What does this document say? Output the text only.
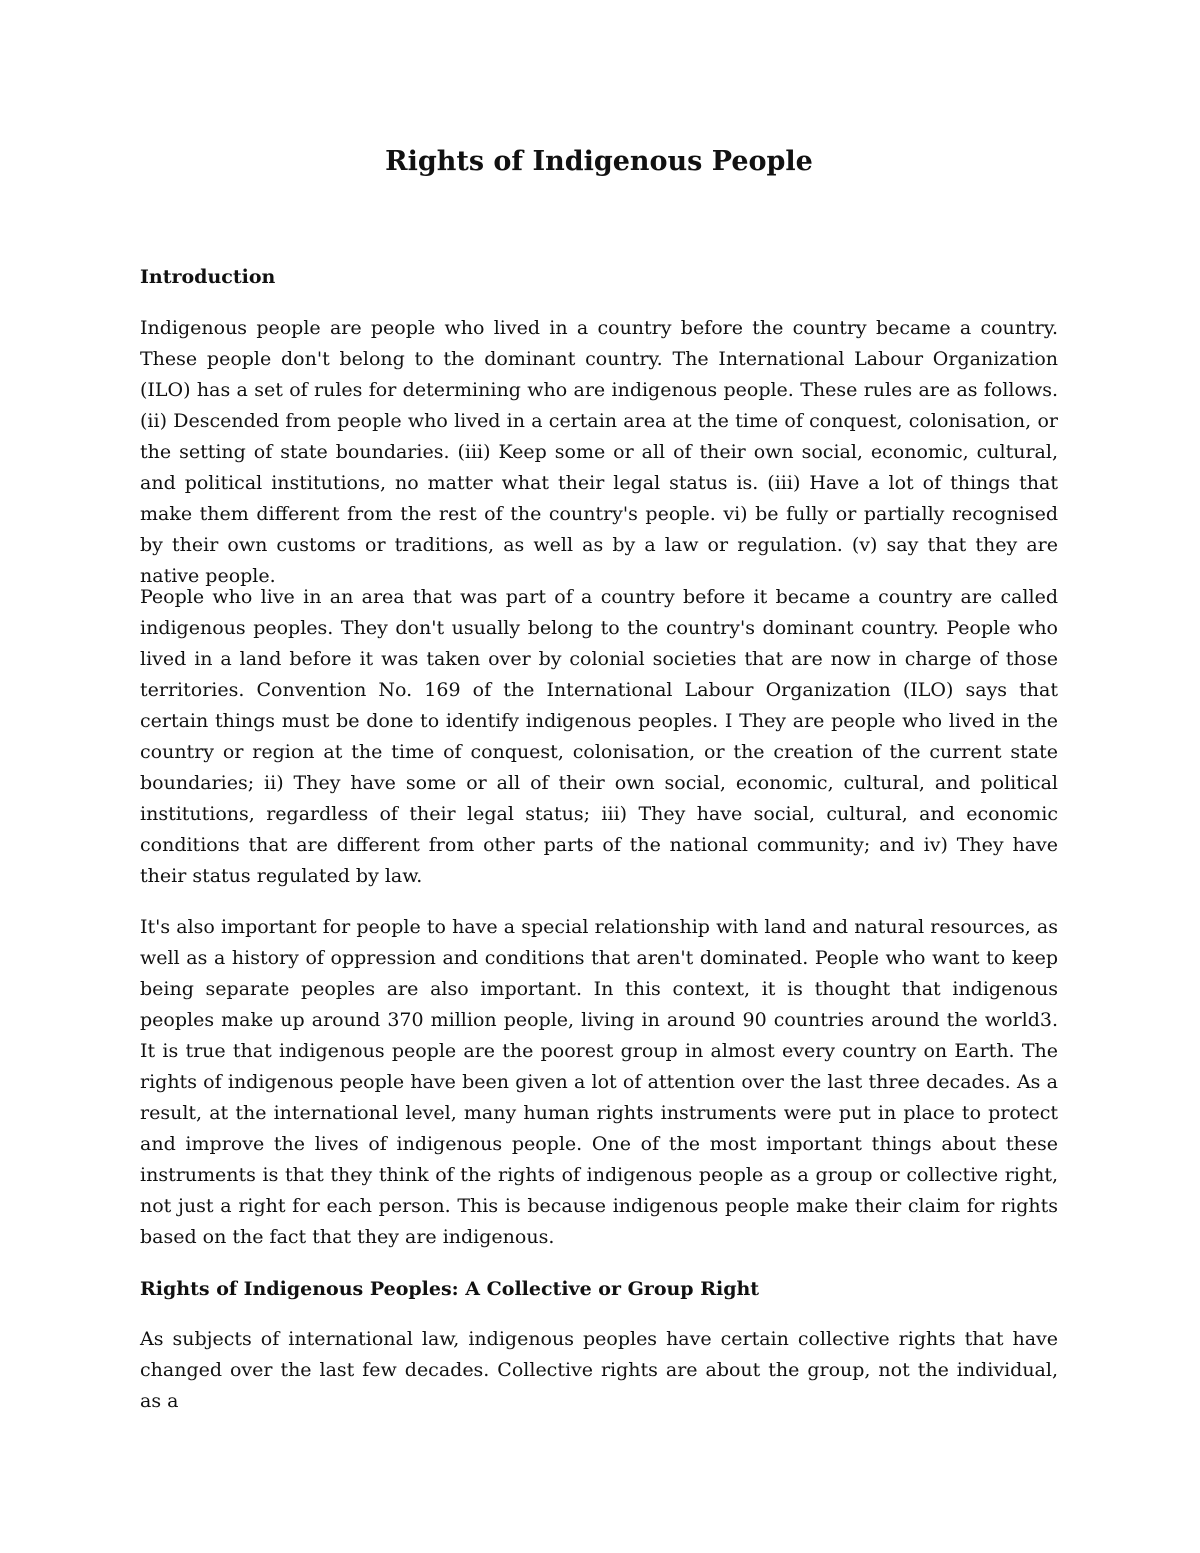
Rights of Indigenous People
Introduction

Indigenous people are people who lived in a country before the country became a country. These people don't belong to the dominant country. The International Labour Organization (ILO) has a set of rules for determining who are indigenous people. These rules are as follows. (ii) Descended from people who lived in a certain area at the time of conquest, colonisation, or the setting of state boundaries. (iii) Keep some or all of their own social, economic, cultural, and political institutions, no matter what their legal status is. (iii) Have a lot of things that make them different from the rest of the country's people. vi) be fully or partially recognised by their own customs or traditions, as well as by a law or regulation. (v) say that they are native people.

People who live in an area that was part of a country before it became a country are called indigenous peoples. They don't usually belong to the country's dominant country. People who lived in a land before it was taken over by colonial societies that are now in charge of those territories. Convention No. 169 of the International Labour Organization (ILO) says that certain things must be done to identify indigenous peoples. I They are people who lived in the country or region at the time of conquest, colonisation, or the creation of the current state boundaries; ii) They have some or all of their own social, economic, cultural, and political institutions, regardless of their legal status; iii) They have social, cultural, and economic conditions that are different from other parts of the national community; and iv) They have their status regulated by law.

It's also important for people to have a special relationship with land and natural resources, as well as a history of oppression and conditions that aren't dominated. People who want to keep being separate peoples are also important. In this context, it is thought that indigenous peoples make up around 370 million people, living in around 90 countries around the world3. It is true that indigenous people are the poorest group in almost every country on Earth. The rights of indigenous people have been given a lot of attention over the last three decades. As a result, at the international level, many human rights instruments were put in place to protect and improve the lives of indigenous people. One of the most important things about these instruments is that they think of the rights of indigenous people as a group or collective right, not just a right for each person. This is because indigenous people make their claim for rights based on the fact that they are indigenous.

Rights of Indigenous Peoples: A Collective or Group Right

As subjects of international law, indigenous peoples have certain collective rights that have changed over the last few decades. Collective rights are about the group, not the individual, as a
